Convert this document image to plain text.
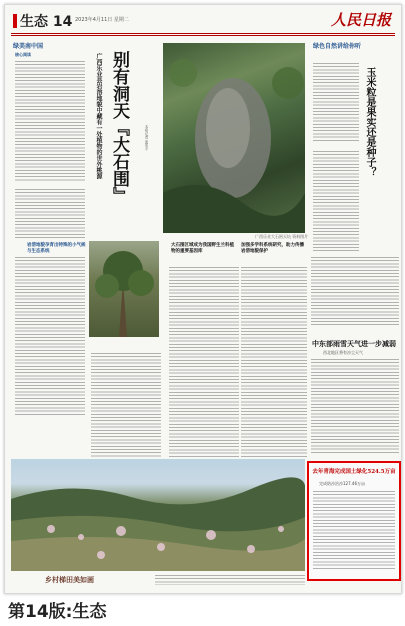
生态 14 2023年4月11日 星期二	人民日报
绿美南中国
核心阅读
岩溶地貌孕育出特殊的小气候与生态系统
别有洞天『大石围』
广西乐业县岩溶地貌中藏有一处植物的世外桃源	本报记者 庞革平
广西乐业大石围天坑 资料图片
绿色自然讲给你听
玉米粒是果实还是种子？
大石围区域成为我国野生兰科植物的重要基因库
加强多学科系统研究，助力传播岩溶地貌保护
中东部雨雪天气进一步减弱
西北地区将有沙尘天气
乡村梯田美如画
去年青海完成国土绿化524.5万亩
完成防沙治沙127.46万亩
第14版:生态
